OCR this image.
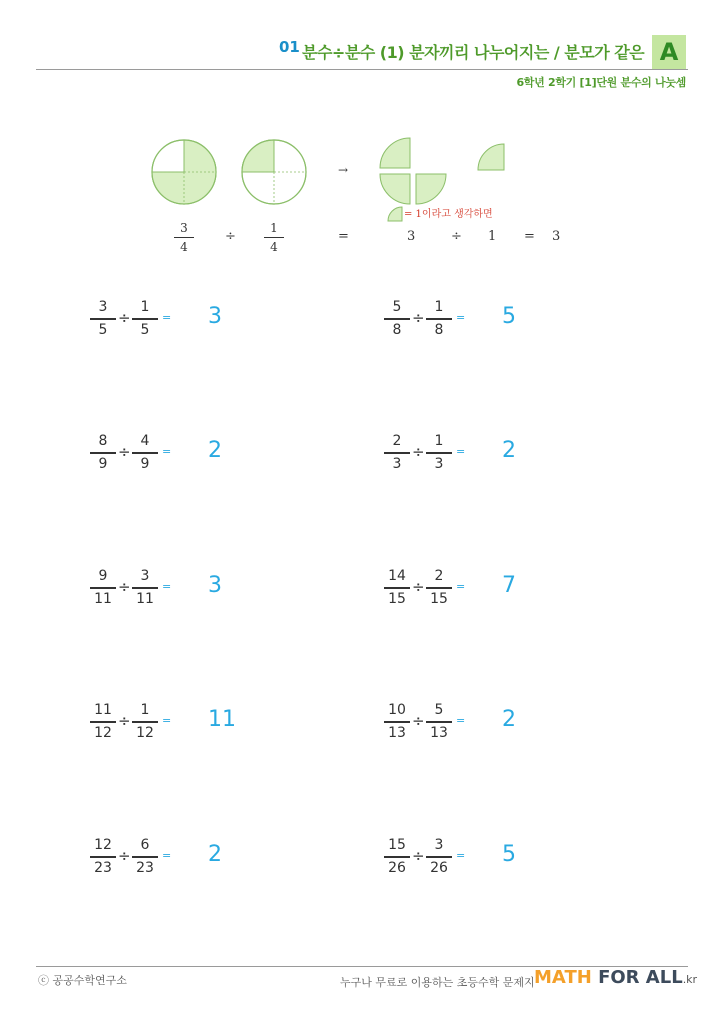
01 분수÷분수 (1) 분자끼리 나누어지는 / 분모가 같은 A
6학년 2학기 [1]단원 분수의 나눗셈
→
= 1이라고 생각하면
3
4
÷
1
4
=	3	÷ 1 = 3
3
5
÷
1
5
= 3	5
8
÷
1
8
= 5
8
9
÷
4
9
= 2	2
3
÷
1
3
= 2
9
11
÷
3
11
= 3	14
15
÷
2
15
= 7
11
12
÷
1
12
= 11	10
13
÷
5
13
= 2
12
23
÷
6
23
= 2	15
26
÷
3
26
= 5
ⓒ 공공수학연구소	누구나 무료로 이용하는 초등수학 문제지 MATH FOR ALL.kr
